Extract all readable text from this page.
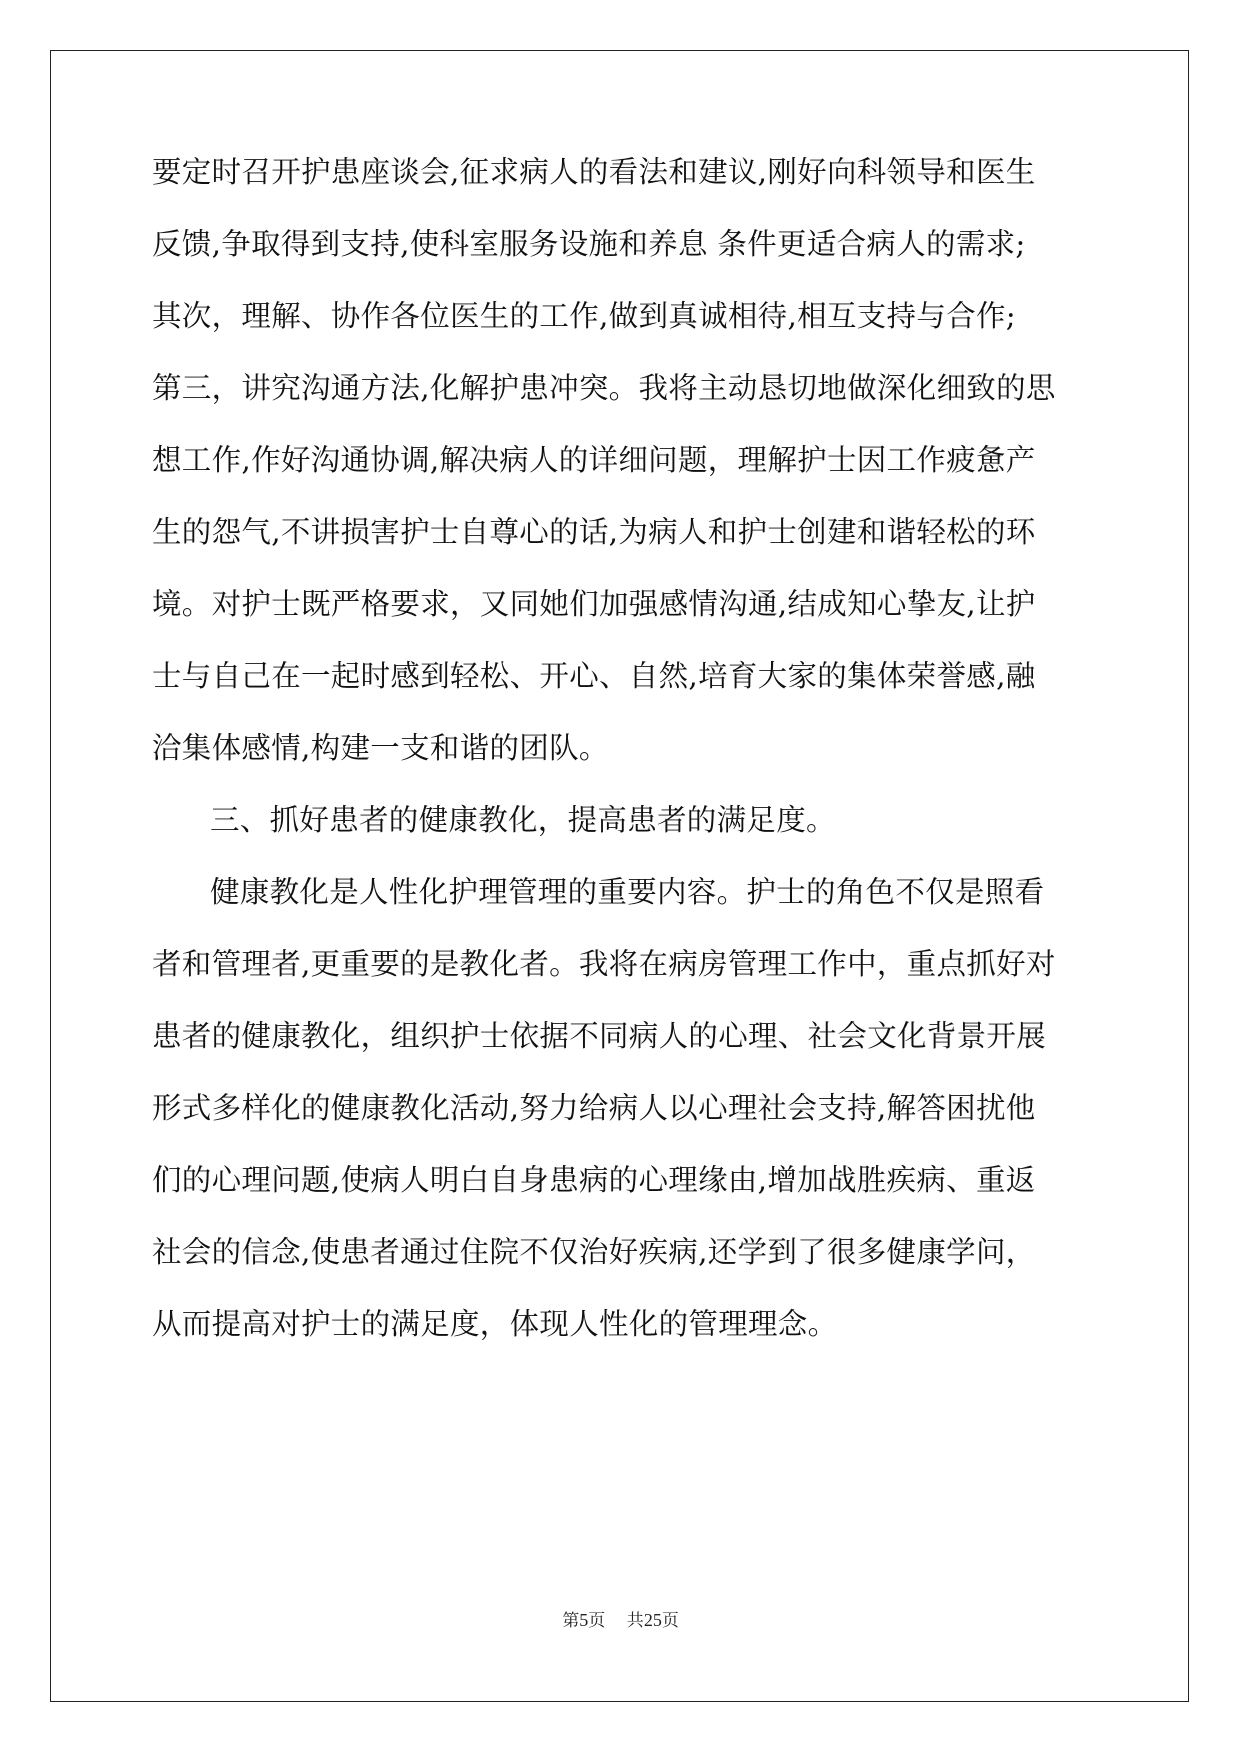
要定时召开护患座谈会,征求病人的看法和建议,刚好向科领导和医生
反馈,争取得到支持,使科室服务设施和养息 条件更适合病人的需求;
其次，理解、协作各位医生的工作,做到真诚相待,相互支持与合作;
第三，讲究沟通方法,化解护患冲突。我将主动恳切地做深化细致的思
想工作,作好沟通协调,解决病人的详细问题，理解护士因工作疲惫产
生的怨气,不讲损害护士自尊心的话,为病人和护士创建和谐轻松的环
境。对护士既严格要求，又同她们加强感情沟通,结成知心挚友,让护
士与自己在一起时感到轻松、开心、自然,培育大家的集体荣誉感,融
洽集体感情,构建一支和谐的团队。
三、抓好患者的健康教化，提高患者的满足度。
健康教化是人性化护理管理的重要内容。护士的角色不仅是照看
者和管理者,更重要的是教化者。我将在病房管理工作中，重点抓好对
患者的健康教化，组织护士依据不同病人的心理、社会文化背景开展
形式多样化的健康教化活动,努力给病人以心理社会支持,解答困扰他
们的心理问题,使病人明白自身患病的心理缘由,增加战胜疾病、重返
社会的信念,使患者通过住院不仅治好疾病,还学到了很多健康学问，
从而提高对护士的满足度，体现人性化的管理理念。
第5页    共25页
